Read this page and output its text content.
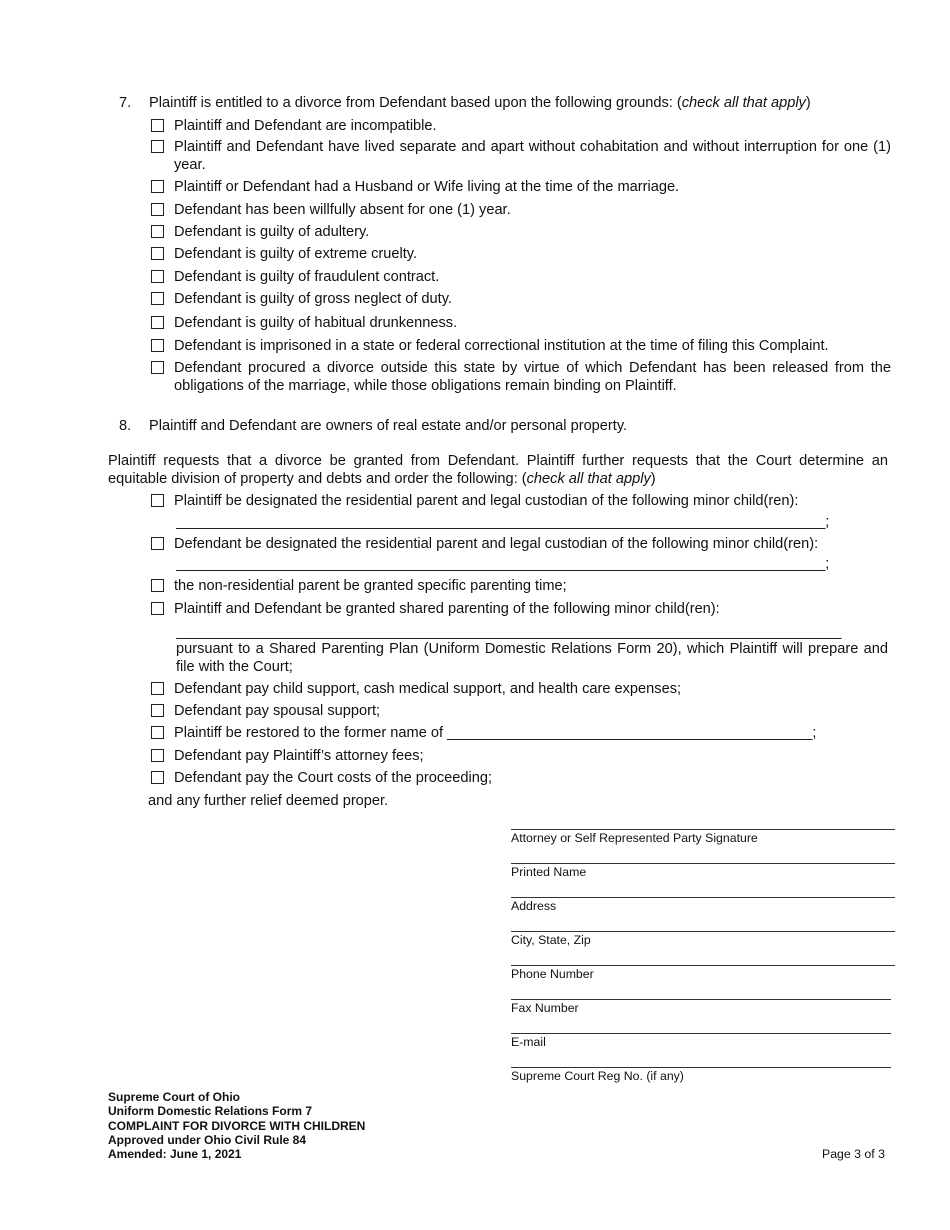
7.	Plaintiff is entitled to a divorce from Defendant based upon the following grounds: (check all that apply)
Plaintiff and Defendant are incompatible.
Plaintiff and Defendant have lived separate and apart without cohabitation and without interruption for one (1) year.
Plaintiff or Defendant had a Husband or Wife living at the time of the marriage.
Defendant has been willfully absent for one (1) year.
Defendant is guilty of adultery.
Defendant is guilty of extreme cruelty.
Defendant is guilty of fraudulent contract.
Defendant is guilty of gross neglect of duty.
Defendant is guilty of habitual drunkenness.
Defendant is imprisoned in a state or federal correctional institution at the time of filing this Complaint.
Defendant procured a divorce outside this state by virtue of which Defendant has been released from the obligations of the marriage, while those obligations remain binding on Plaintiff.
8.	Plaintiff and Defendant are owners of real estate and/or personal property.
Plaintiff requests that a divorce be granted from Defendant. Plaintiff further requests that the Court determine an equitable division of property and debts and order the following: (check all that apply)
Plaintiff be designated the residential parent and legal custodian of the following minor child(ren):
________________________________________________________________________________;
Defendant be designated the residential parent and legal custodian of the following minor child(ren):
________________________________________________________________________________;
the non-residential parent be granted specific parenting time;
Plaintiff and Defendant be granted shared parenting of the following minor child(ren):
__________________________________________________________________________________
pursuant to a Shared Parenting Plan (Uniform Domestic Relations Form 20), which Plaintiff will prepare and file with the Court;
Defendant pay child support, cash medical support, and health care expenses;
Defendant pay spousal support;
Plaintiff be restored to the former name of _____________________________________________;
Defendant pay Plaintiff’s attorney fees;
Defendant pay the Court costs of the proceeding;
and any further relief deemed proper.
Attorney or Self Represented Party Signature
Printed Name
Address
City, State, Zip
Phone Number
Fax Number
E-mail
Supreme Court Reg No. (if any)
Supreme Court of Ohio
Uniform Domestic Relations Form 7
COMPLAINT FOR DIVORCE WITH CHILDREN
Approved under Ohio Civil Rule 84
Amended: June 1, 2021	Page 3 of 3
